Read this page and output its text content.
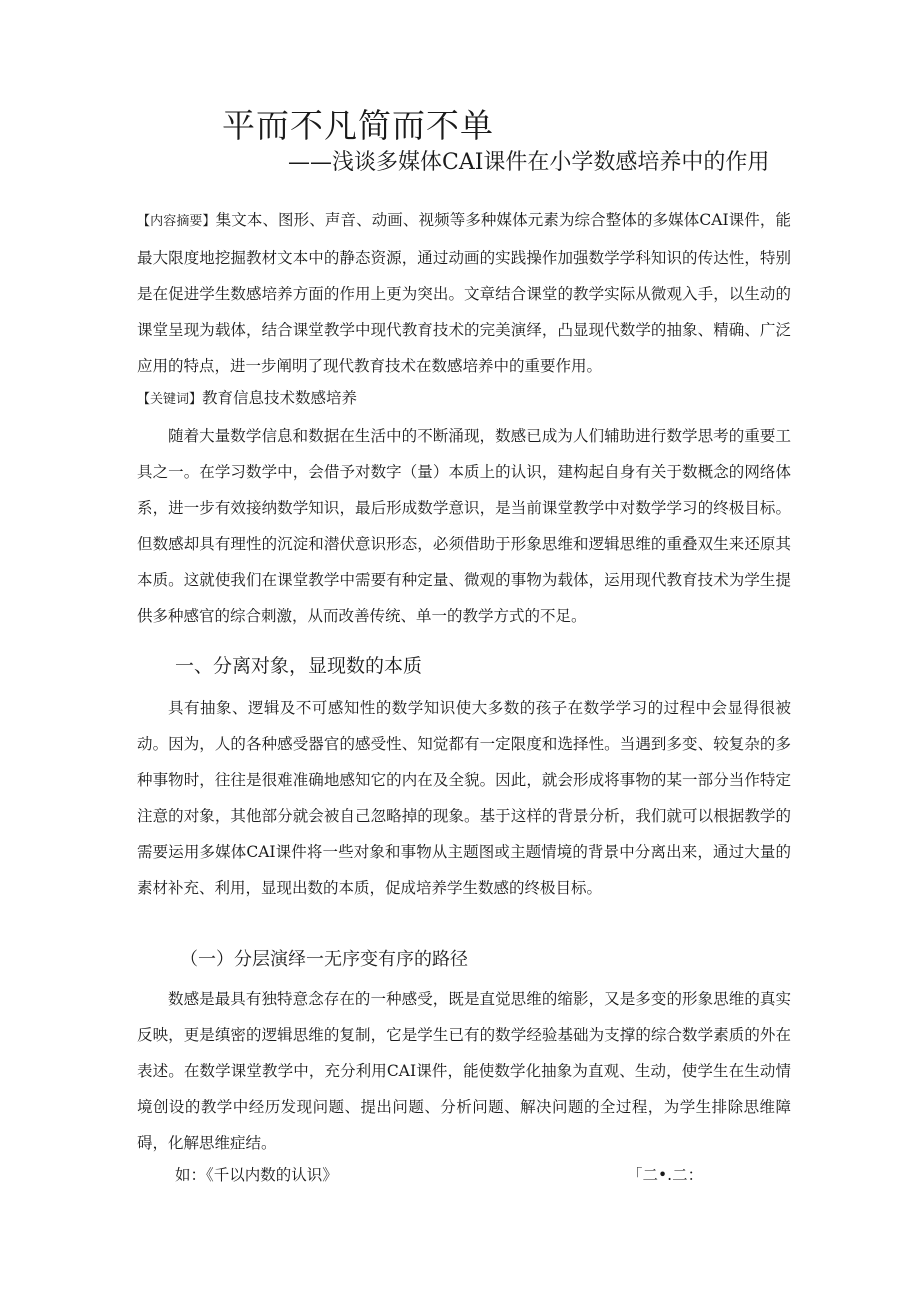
平而不凡简而不单
——浅谈多媒体CAI课件在小学数感培养中的作用

【内容摘要】集文本、图形、声音、动画、视频等多种媒体元素为综合整体的多媒体CAI课件，能最大限度地挖掘教材文本中的静态资源，通过动画的实践操作加强数学学科知识的传达性，特别是在促进学生数感培养方面的作用上更为突出。文章结合课堂的教学实际从微观入手，以生动的课堂呈现为载体，结合课堂教学中现代教育技术的完美演绎，凸显现代数学的抽象、精确、广泛应用的特点，进一步阐明了现代教育技术在数感培养中的重要作用。

【关键词】教育信息技术数感培养

随着大量数学信息和数据在生活中的不断涌现，数感已成为人们辅助进行数学思考的重要工具之一。在学习数学中，会借予对数字（量）本质上的认识，建构起自身有关于数概念的网络体系，进一步有效接纳数学知识，最后形成数学意识，是当前课堂教学中对数学学习的终极目标。但数感却具有理性的沉淀和潜伏意识形态，必须借助于形象思维和逻辑思维的重叠双生来还原其本质。这就使我们在课堂教学中需要有种定量、微观的事物为载体，运用现代教育技术为学生提供多种感官的综合刺激，从而改善传统、单一的教学方式的不足。

一、分离对象，显现数的本质

具有抽象、逻辑及不可感知性的数学知识使大多数的孩子在数学学习的过程中会显得很被动。因为，人的各种感受器官的感受性、知觉都有一定限度和选择性。当遇到多变、较复杂的多种事物时，往往是很难准确地感知它的内在及全貌。因此，就会形成将事物的某一部分当作特定注意的对象，其他部分就会被自己忽略掉的现象。基于这样的背景分析，我们就可以根据教学的需要运用多媒体CAI课件将一些对象和事物从主题图或主题情境的背景中分离出来，通过大量的素材补充、利用，显现出数的本质，促成培养学生数感的终极目标。

（一）分层演绎一无序变有序的路径

数感是最具有独特意念存在的一种感受，既是直觉思维的缩影，又是多变的形象思维的真实反映，更是缜密的逻辑思维的复制，它是学生已有的数学经验基础为支撑的综合数学素质的外在表述。在数学课堂教学中，充分利用CAI课件，能使数学化抽象为直观、生动，使学生在生动情境创设的教学中经历发现问题、提出问题、分析问题、解决问题的全过程，为学生排除思维障碍，化解思维症结。

如：《千以内数的认识》	「二•.二：
